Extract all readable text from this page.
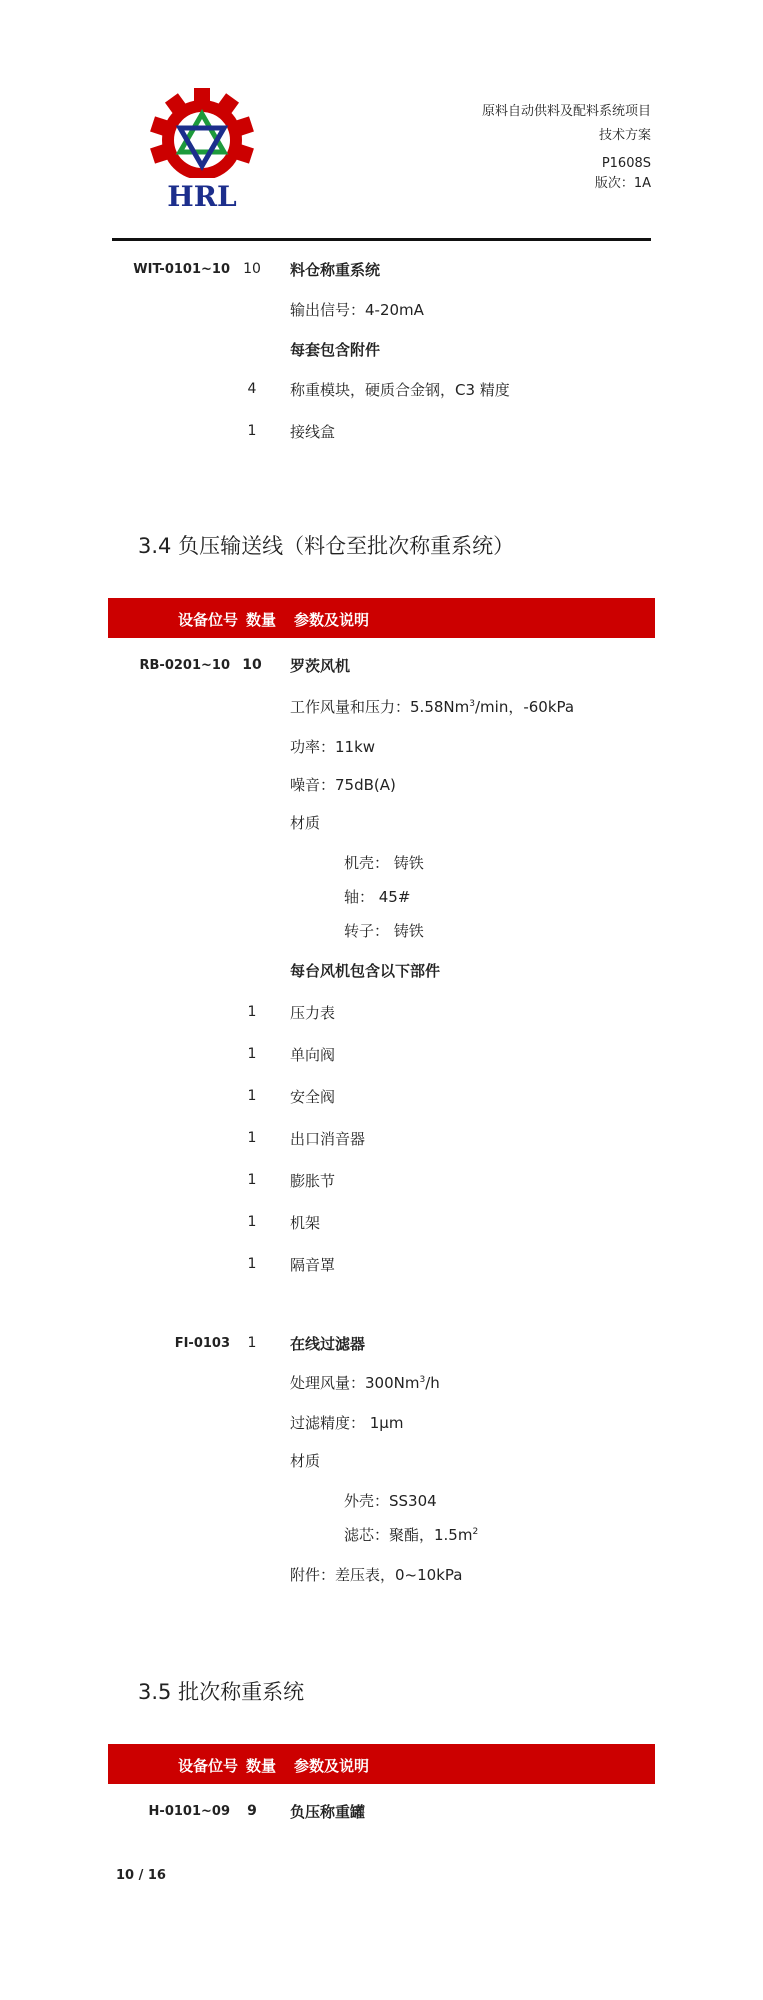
HRL
原料自动供料及配料系统项目
技术方案
P1608S
版次：1A
WIT-0101~10 10	料仓称重系统
输出信号：4-20mA
每套包含附件
4	称重模块，硬质合金钢，C3 精度
1	接线盒
3.4 负压输送线（料仓至批次称重系统）
设备位号 数量 参数及说明
RB-0201~10 10 罗茨风机
工作风量和压力：5.58Nm$^3$/min，-60kPa
功率：11kw
噪音：75dB(A)
材质
机壳： 铸铁
轴： 45#
转子： 铸铁
每台风机包含以下部件
1	压力表
1	单向阀
1	安全阀
1	出口消音器
1	膨胀节
1	机架
1	隔音罩
FI-0103	1	在线过滤器
处理风量：300Nm$^3$/h
过滤精度： 1μm
材质
外壳：SS304
滤芯：聚酯，$1.5m^2$
附件：差压表，0~10kPa
3.5 批次称重系统
设备位号 数量 参数及说明
H-0101~09	9	负压称重罐
10 / 16
